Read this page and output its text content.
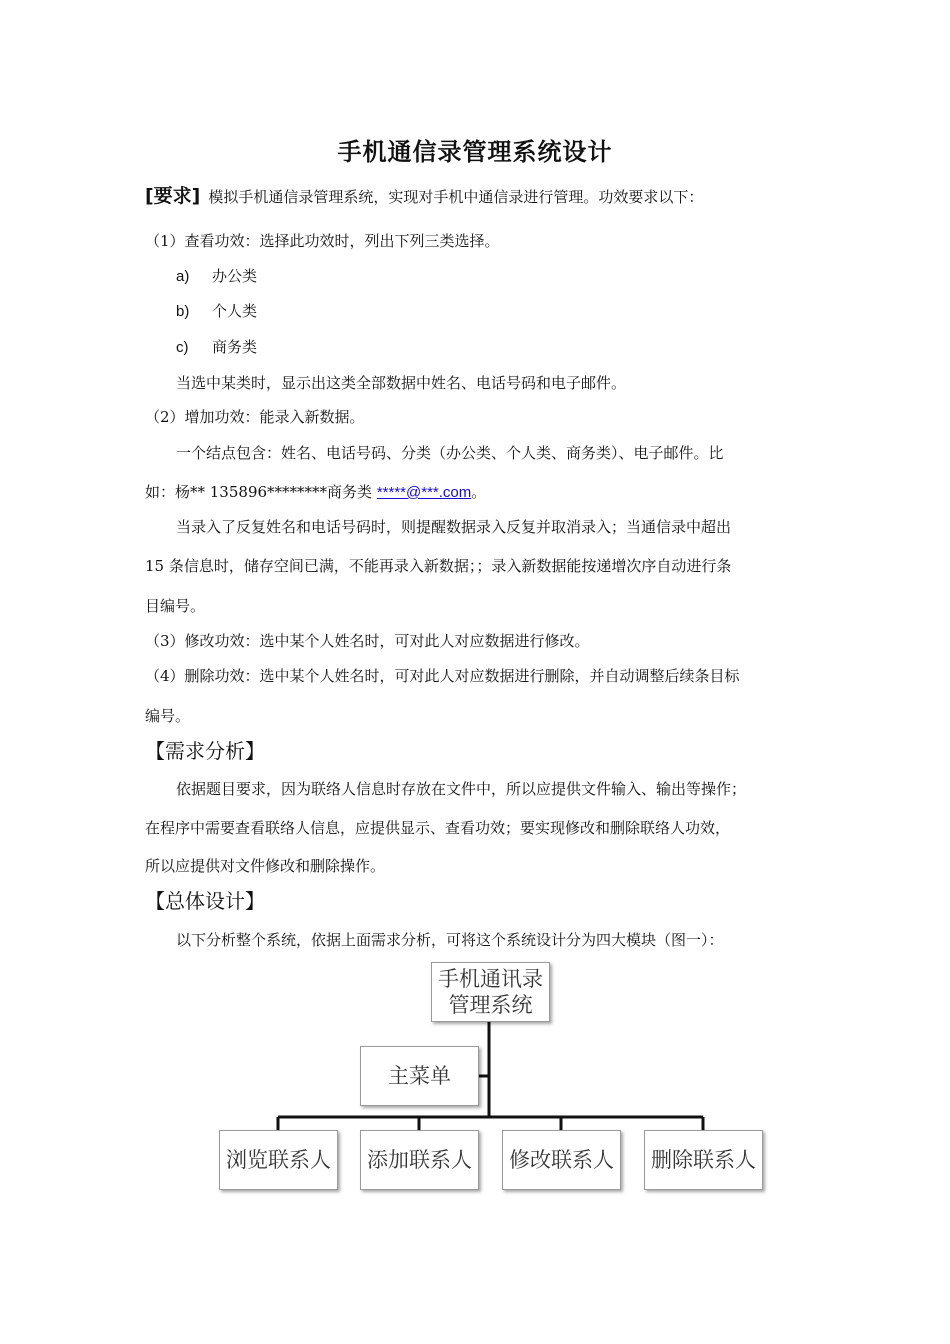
手机通信录管理系统设计
[要求] 模拟手机通信录管理系统，实现对手机中通信录进行管理。功效要求以下：
（1）查看功效：选择此功效时，列出下列三类选择。
a) 办公类
b) 个人类
c) 商务类
当选中某类时，显示出这类全部数据中姓名、电话号码和电子邮件。
（2）增加功效：能录入新数据。
一个结点包含：姓名、电话号码、分类（办公类、个人类、商务类）、电子邮件。比
如：杨** 135896********商务类 *****@***.com。
当录入了反复姓名和电话号码时，则提醒数据录入反复并取消录入；当通信录中超出
15 条信息时，储存空间已满，不能再录入新数据；；录入新数据能按递增次序自动进行条
目编号。
（3）修改功效：选中某个人姓名时，可对此人对应数据进行修改。
（4）删除功效：选中某个人姓名时，可对此人对应数据进行删除，并自动调整后续条目标
编号。
【需求分析】
依据题目要求，因为联络人信息时存放在文件中，所以应提供文件输入、输出等操作；
在程序中需要查看联络人信息，应提供显示、查看功效；要实现修改和删除联络人功效，
所以应提供对文件修改和删除操作。
【总体设计】
以下分析整个系统，依据上面需求分析，可将这个系统设计分为四大模块（图一）：
手机通讯录
管理系统
主菜单
浏览联系人 添加联系人 修改联系人 删除联系人
